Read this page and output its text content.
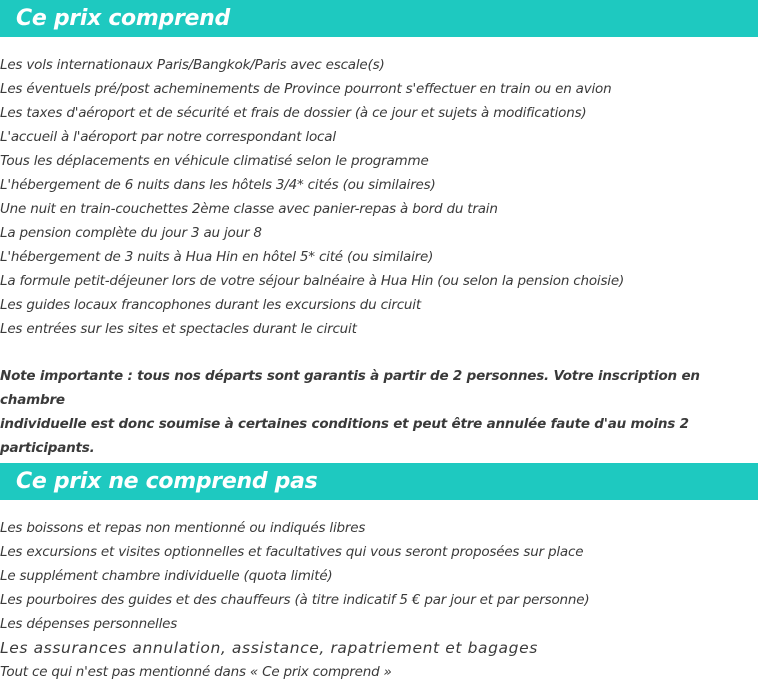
Ce prix comprend
Les vols internationaux Paris/Bangkok/Paris avec escale(s)
Les éventuels pré/post acheminements de Province pourront s'effectuer en train ou en avion
Les taxes d'aéroport et de sécurité et frais de dossier (à ce jour et sujets à modifications)
L'accueil à l'aéroport par notre correspondant local
Tous les déplacements en véhicule climatisé selon le programme
L'hébergement de 6 nuits dans les hôtels 3/4* cités (ou similaires)
Une nuit en train-couchettes 2ème classe avec panier-repas à bord du train
La pension complète du jour 3 au jour 8
L'hébergement de 3 nuits à Hua Hin en hôtel 5* cité (ou similaire)
La formule petit-déjeuner lors de votre séjour balnéaire à Hua Hin (ou selon la pension choisie)
Les guides locaux francophones durant les excursions du circuit
Les entrées sur les sites et spectacles durant le circuit

Note importante : tous nos départs sont garantis à partir de 2 personnes. Votre inscription en chambre
individuelle est donc soumise à certaines conditions et peut être annulée faute d'au moins 2 participants.

Ce prix ne comprend pas
Les boissons et repas non mentionné ou indiqués libres
Les excursions et visites optionnelles et facultatives qui vous seront proposées sur place
Le supplément chambre individuelle (quota limité)
Les pourboires des guides et des chauffeurs (à titre indicatif 5 € par jour et par personne)
Les dépenses personnelles
Les assurances annulation, assistance, rapatriement et bagages
Tout ce qui n'est pas mentionné dans « Ce prix comprend »
